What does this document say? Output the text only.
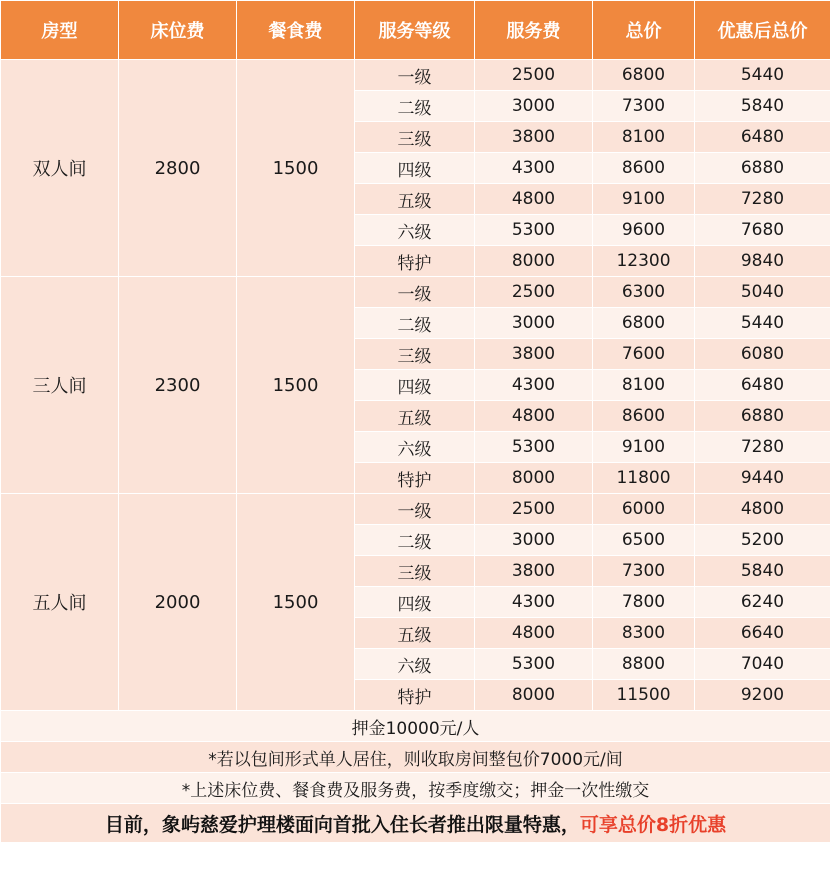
房型	床位费	餐食费	服务等级	服务费	总价	优惠后总价
双人间	2800	1500	一级	2500	6800	5440
			二级	3000	7300	5840
			三级	3800	8100	6480
			四级	4300	8600	6880
			五级	4800	9100	7280
			六级	5300	9600	7680
			特护	8000	12300	9840
三人间	2300	1500	一级	2500	6300	5040
			二级	3000	6800	5440
			三级	3800	7600	6080
			四级	4300	8100	6480
			五级	4800	8600	6880
			六级	5300	9100	7280
			特护	8000	11800	9440
五人间	2000	1500	一级	2500	6000	4800
			二级	3000	6500	5200
			三级	3800	7300	5840
			四级	4300	7800	6240
			五级	4800	8300	6640
			六级	5300	8800	7040
			特护	8000	11500	9200
押金10000元/人						
*若以包间形式单人居住，则收取房间整包价7000元/间						
*上述床位费、餐食费及服务费，按季度缴交；押金一次性缴交						
目前，象屿慈爱护理楼面向首批入住长者推出限量特惠，可享总价8折优惠						
